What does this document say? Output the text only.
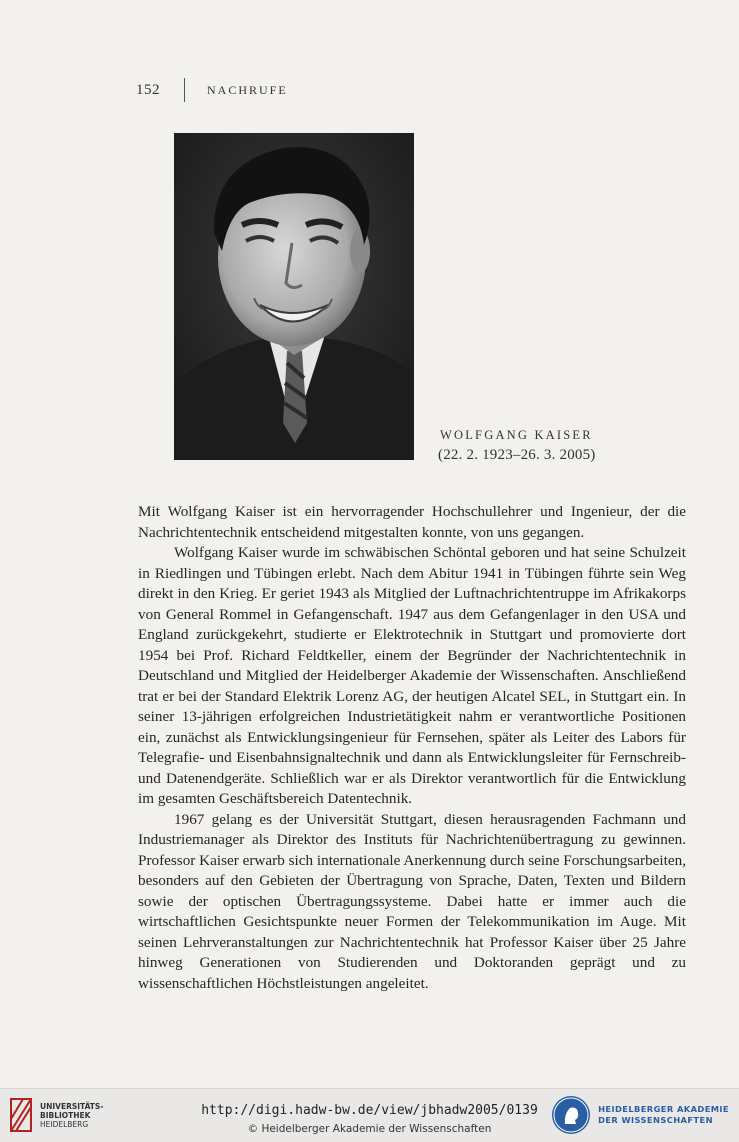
152	NACHRUFE
WOLFGANG KAISER
(22. 2. 1923–26. 3. 2005)

Mit Wolfgang Kaiser ist ein hervorragender Hochschullehrer und Ingenieur, der die Nachrichtentechnik entscheidend mitgestalten konnte, von uns gegangen.

Wolfgang Kaiser wurde im schwäbischen Schöntal geboren und hat seine Schulzeit in Riedlingen und Tübingen erlebt. Nach dem Abitur 1941 in Tübingen führte sein Weg direkt in den Krieg. Er geriet 1943 als Mitglied der Luftnachrichtentruppe im Afrikakorps von General Rommel in Gefangenschaft. 1947 aus dem Gefangenlager in den USA und England zurückgekehrt, studierte er Elektrotechnik in Stuttgart und promovierte dort 1954 bei Prof. Richard Feldtkeller, einem der Begründer der Nachrichtentechnik in Deutschland und Mitglied der Heidelberger Akademie der Wissenschaften. Anschließend trat er bei der Standard Elektrik Lorenz AG, der heutigen Alcatel SEL, in Stuttgart ein. In seiner 13-jährigen erfolgreichen Industrietätigkeit nahm er verantwortliche Positionen ein, zunächst als Entwicklungsingenieur für Fernsehen, später als Leiter des Labors für Telegrafie- und Eisenbahnsignaltechnik und dann als Entwicklungsleiter für Fernschreib- und Datenendgeräte. Schließlich war er als Direktor verantwortlich für die Entwicklung im gesamten Geschäftsbereich Datentechnik.

1967 gelang es der Universität Stuttgart, diesen herausragenden Fachmann und Industriemanager als Direktor des Instituts für Nachrichtenübertragung zu gewinnen. Professor Kaiser erwarb sich internationale Anerkennung durch seine Forschungsarbeiten, besonders auf den Gebieten der Übertragung von Sprache, Daten, Texten und Bildern sowie der optischen Übertragungssysteme. Dabei hatte er immer auch die wirtschaftlichen Gesichtspunkte neuer Formen der Telekommunikation im Auge. Mit seinen Lehrveranstaltungen zur Nachrichtentechnik hat Professor Kaiser über 25 Jahre hinweg Generationen von Studierenden und Doktoranden geprägt und zu wissenschaftlichen Höchstleistungen angeleitet.

UNIVERSITÄTS-
BIBLIOTHEK
HEIDELBERG
http://digi.hadw-bw.de/view/jbhadw2005/0139
© Heidelberger Akademie der Wissenschaften
HEIDELBERGER AKADEMIE
DER WISSENSCHAFTEN
